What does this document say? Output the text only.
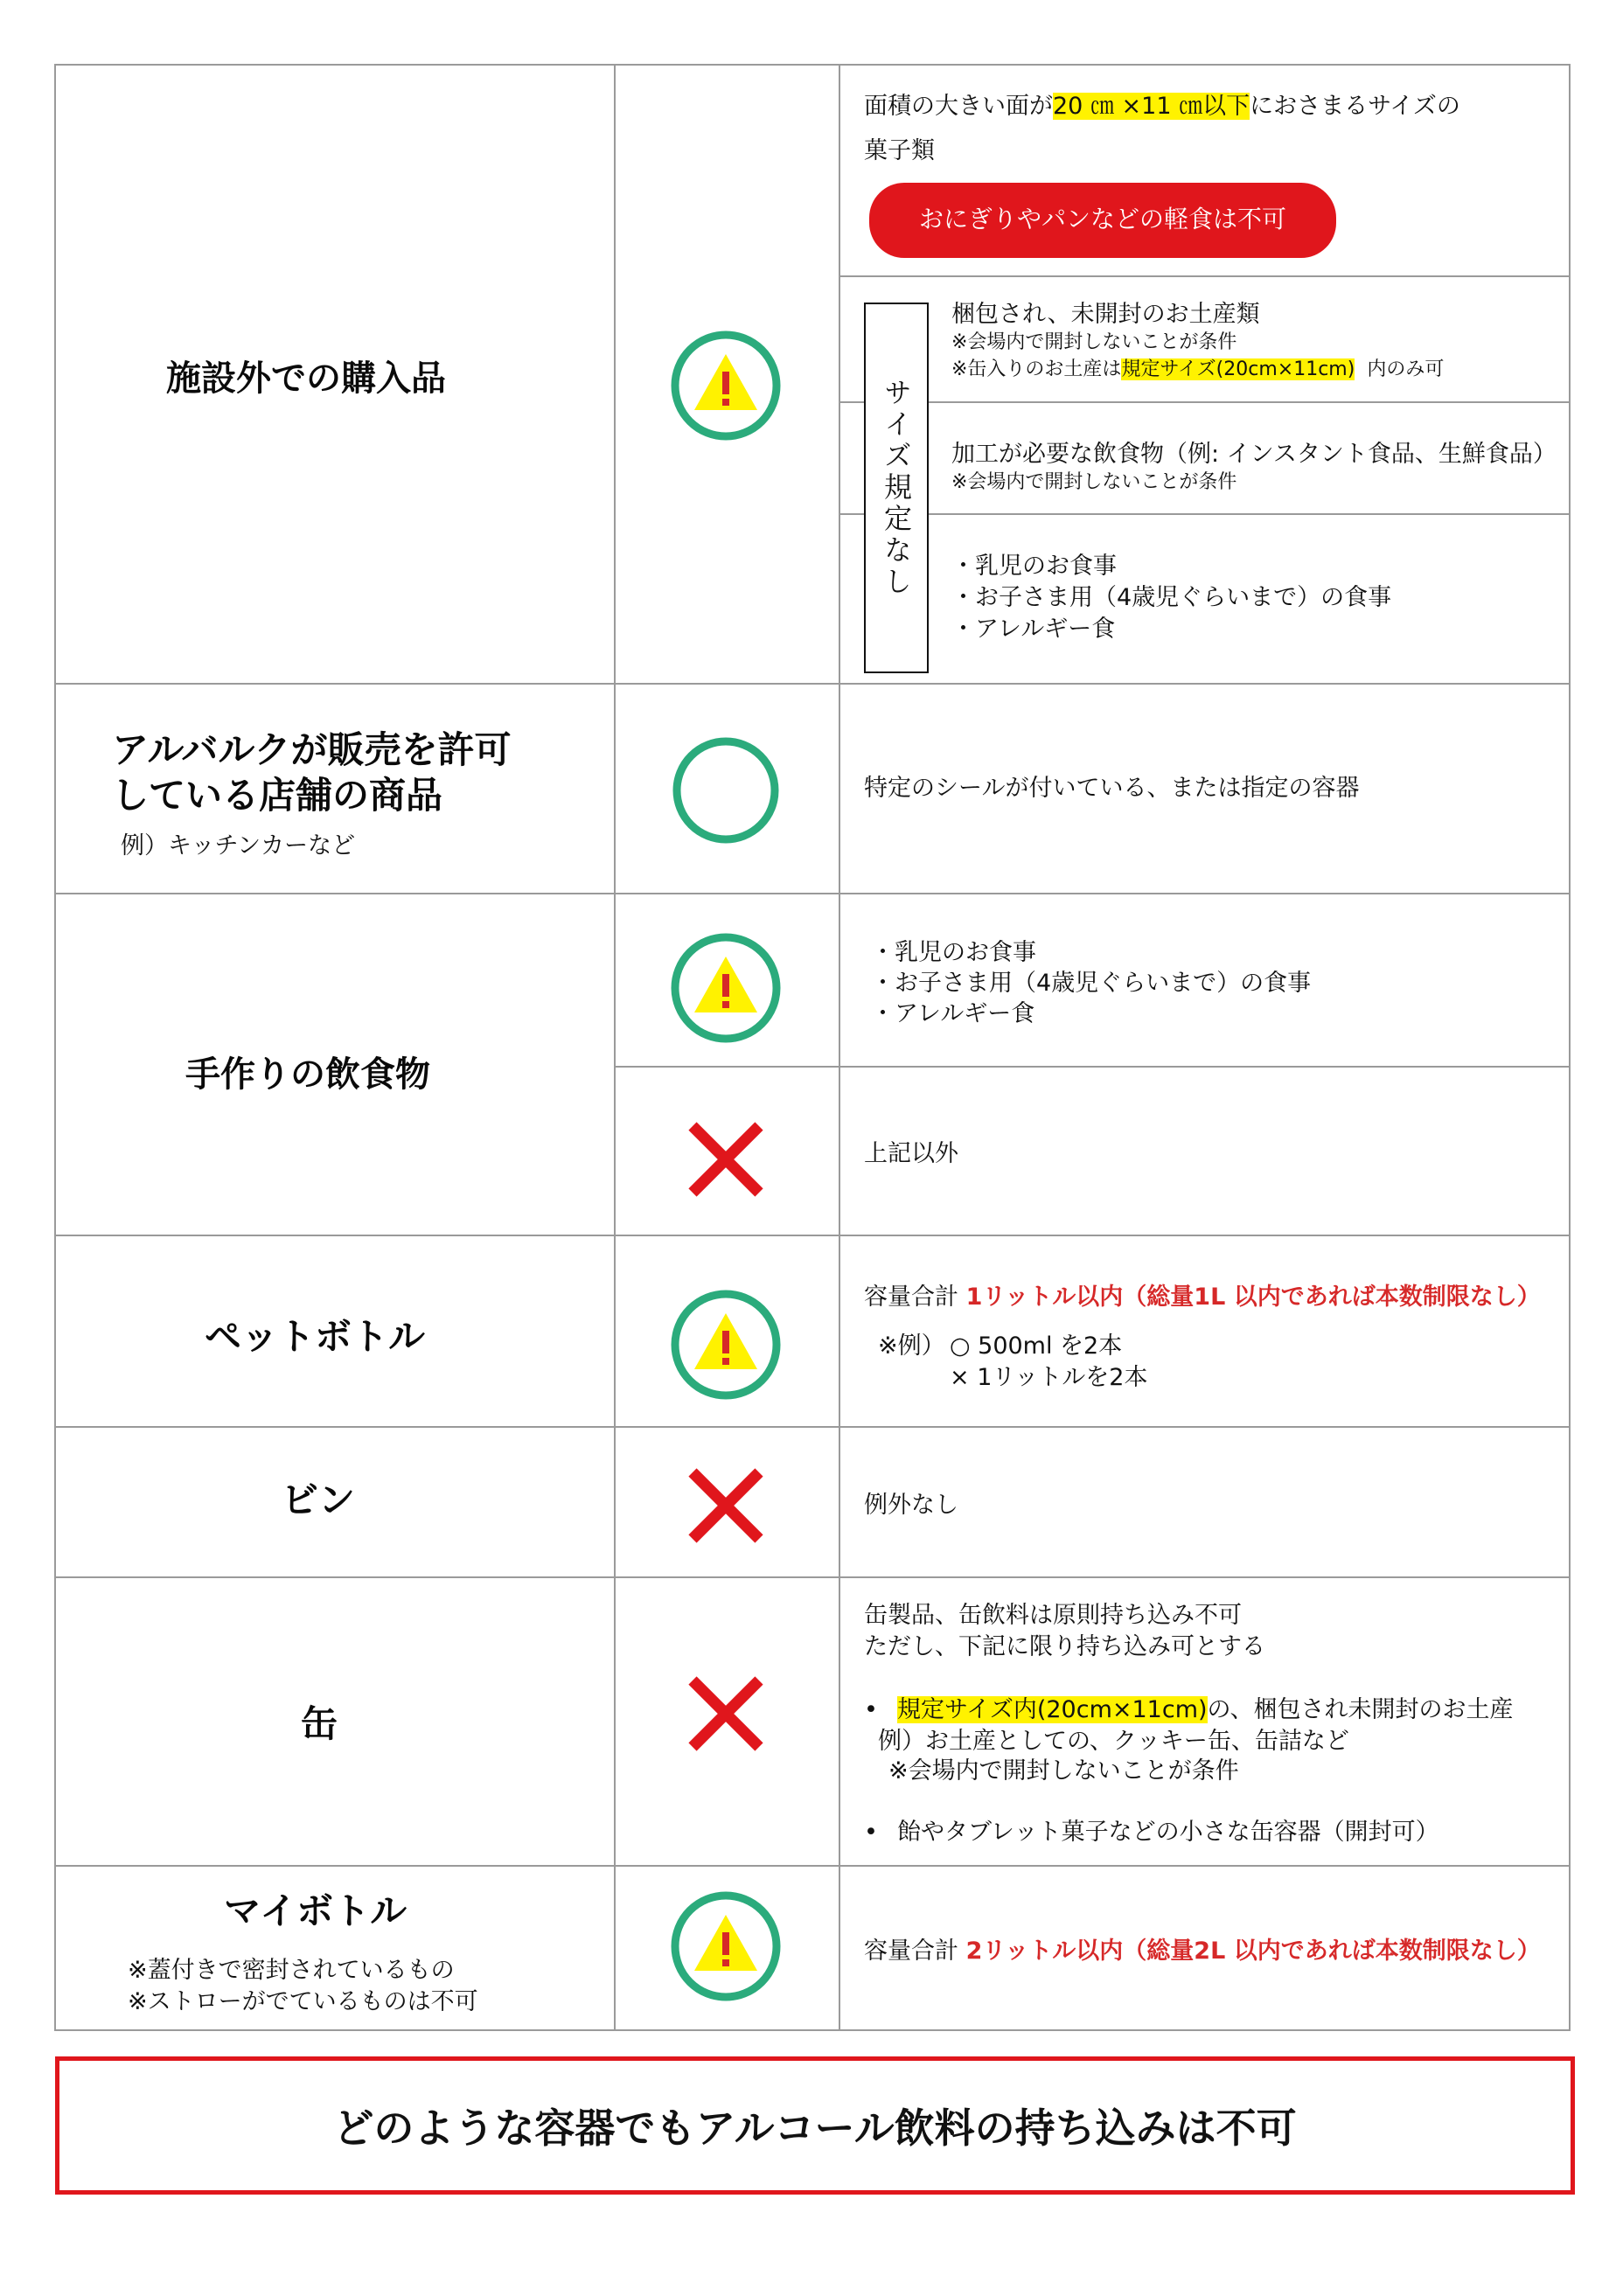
施設外での購入品
面積の大きい面が20 ㎝ ×11 ㎝以下におさまるサイズの
菓子類
おにぎりやパンなどの軽食は不可
サイズ規定なし
梱包され、未開封のお土産類
※会場内で開封しないことが条件
※缶入りのお土産は規定サイズ(20cm×11cm) 内のみ可
加工が必要な飲食物（例: インスタント食品、生鮮食品）
※会場内で開封しないことが条件
・乳児のお食事
・お子さま用（4歳児ぐらいまで）の食事
・アレルギー食
アルバルクが販売を許可
している店舗の商品
例）キッチンカーなど
特定のシールが付いている、または指定の容器
手作りの飲食物
・乳児のお食事
・お子さま用（4歳児ぐらいまで）の食事
・アレルギー食
上記以外
ペットボトル
容量合計 1リットル以内（総量1L 以内であれば本数制限なし）
※例） ○ 500ml を2本
× 1リットルを2本
ビン	例外なし
缶
缶製品、缶飲料は原則持ち込み不可
ただし、下記に限り持ち込み可とする
• 規定サイズ内(20cm×11cm)の、梱包され未開封のお土産
例）お土産としての、クッキー缶、缶詰など
※会場内で開封しないことが条件
• 飴やタブレット菓子などの小さな缶容器（開封可）
マイボトル
※蓋付きで密封されているもの
※ストローがでているものは不可
容量合計 2リットル以内（総量2L 以内であれば本数制限なし）
どのような容器でもアルコール飲料の持ち込みは不可
